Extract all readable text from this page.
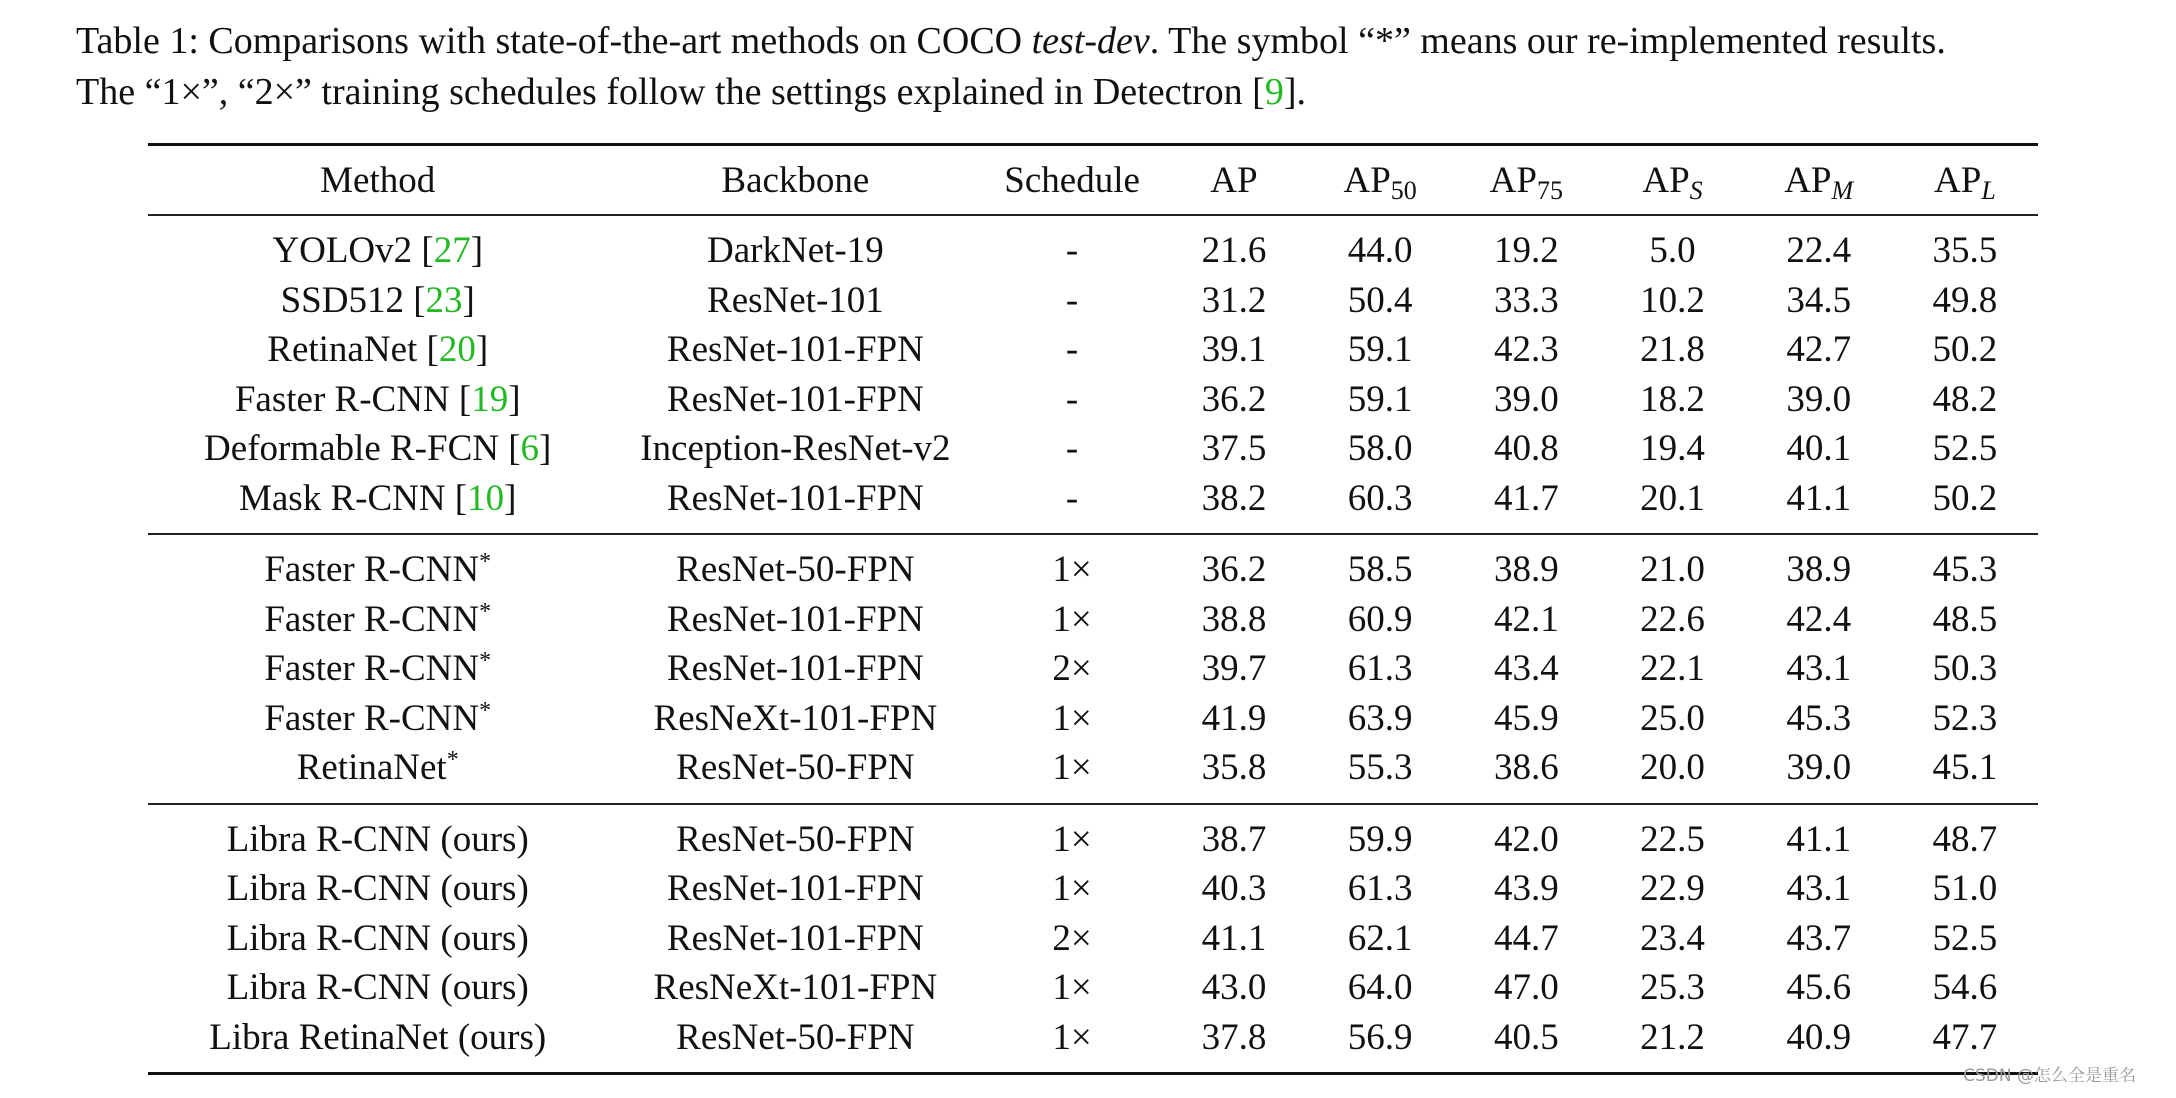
Table 1: Comparisons with state-of-the-art methods on COCO test-dev. The symbol “*” means our re-implemented results.
The “1×”, “2×” training schedules follow the settings explained in Detectron [9].
Method	Backbone	Schedule	AP	$AP_{50}$	$AP_{75}$	$AP_S$	$AP_M$	$AP_L$

YOLOv2 [27]	DarkNet-19	-	21.6	44.0	19.2	5.0	22.4	35.5
SSD512 [23]	ResNet-101	-	31.2	50.4	33.3	10.2	34.5	49.8
RetinaNet [20]	ResNet-101-FPN	-	39.1	59.1	42.3	21.8	42.7	50.2
Faster R-CNN [19]	ResNet-101-FPN	-	36.2	59.1	39.0	18.2	39.0	48.2
Deformable R-FCN [6]	Inception-ResNet-v2	-	37.5	58.0	40.8	19.4	40.1	52.5
Mask R-CNN [10]	ResNet-101-FPN	-	38.2	60.3	41.7	20.1	41.1	50.2

Faster R-CNN*	ResNet-50-FPN	1×	36.2	58.5	38.9	21.0	38.9	45.3
Faster R-CNN*	ResNet-101-FPN	1×	38.8	60.9	42.1	22.6	42.4	48.5
Faster R-CNN*	ResNet-101-FPN	2×	39.7	61.3	43.4	22.1	43.1	50.3
Faster R-CNN*	ResNeXt-101-FPN	1×	41.9	63.9	45.9	25.0	45.3	52.3
RetinaNet*	ResNet-50-FPN	1×	35.8	55.3	38.6	20.0	39.0	45.1

Libra R-CNN (ours)	ResNet-50-FPN	1×	38.7	59.9	42.0	22.5	41.1	48.7
Libra R-CNN (ours)	ResNet-101-FPN	1×	40.3	61.3	43.9	22.9	43.1	51.0
Libra R-CNN (ours)	ResNet-101-FPN	2×	41.1	62.1	44.7	23.4	43.7	52.5
Libra R-CNN (ours)	ResNeXt-101-FPN	1×	43.0	64.0	47.0	25.3	45.6	54.6
Libra RetinaNet (ours)	ResNet-50-FPN	1×	37.8	56.9	40.5	21.2	40.9	47.7

CSDN @怎么全是重名
